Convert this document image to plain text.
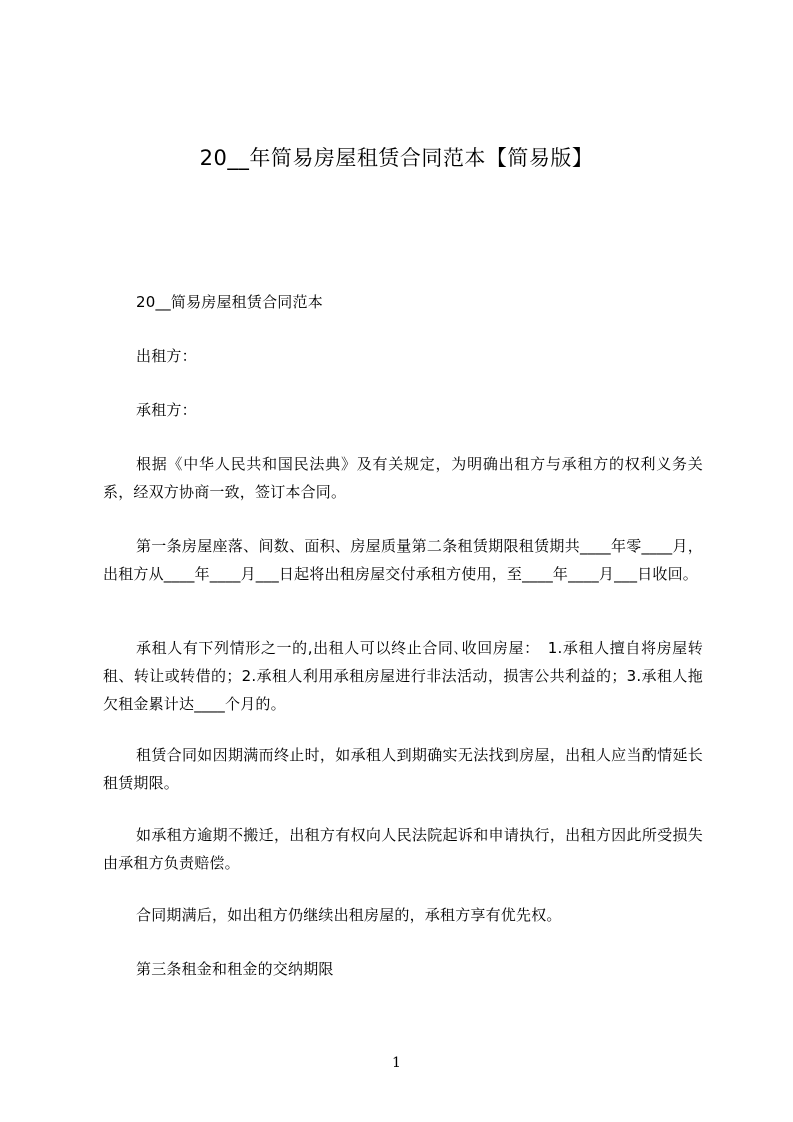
20__年简易房屋租赁合同范本【简易版】
20__简易房屋租赁合同范本
出租方：
承租方：
根据《中华人民共和国民法典》及有关规定，为明确出租方与承租方的权利义务关系，经双方协商一致，签订本合同。
第一条房屋座落、间数、面积、房屋质量第二条租赁期限租赁期共____年零____月，出租方从____年____月___日起将出租房屋交付承租方使用，至____年____月___日收回。
承租人有下列情形之一的,出租人可以终止合同､收回房屋：　1.承租人擅自将房屋转租、转让或转借的；2.承租人利用承租房屋进行非法活动，损害公共利益的；3.承租人拖欠租金累计达____个月的。
租赁合同如因期满而终止时，如承租人到期确实无法找到房屋，出租人应当酌情延长租赁期限。
如承租方逾期不搬迁，出租方有权向人民法院起诉和申请执行，出租方因此所受损失由承租方负责赔偿。
合同期满后，如出租方仍继续出租房屋的，承租方享有优先权。
第三条租金和租金的交纳期限
1
